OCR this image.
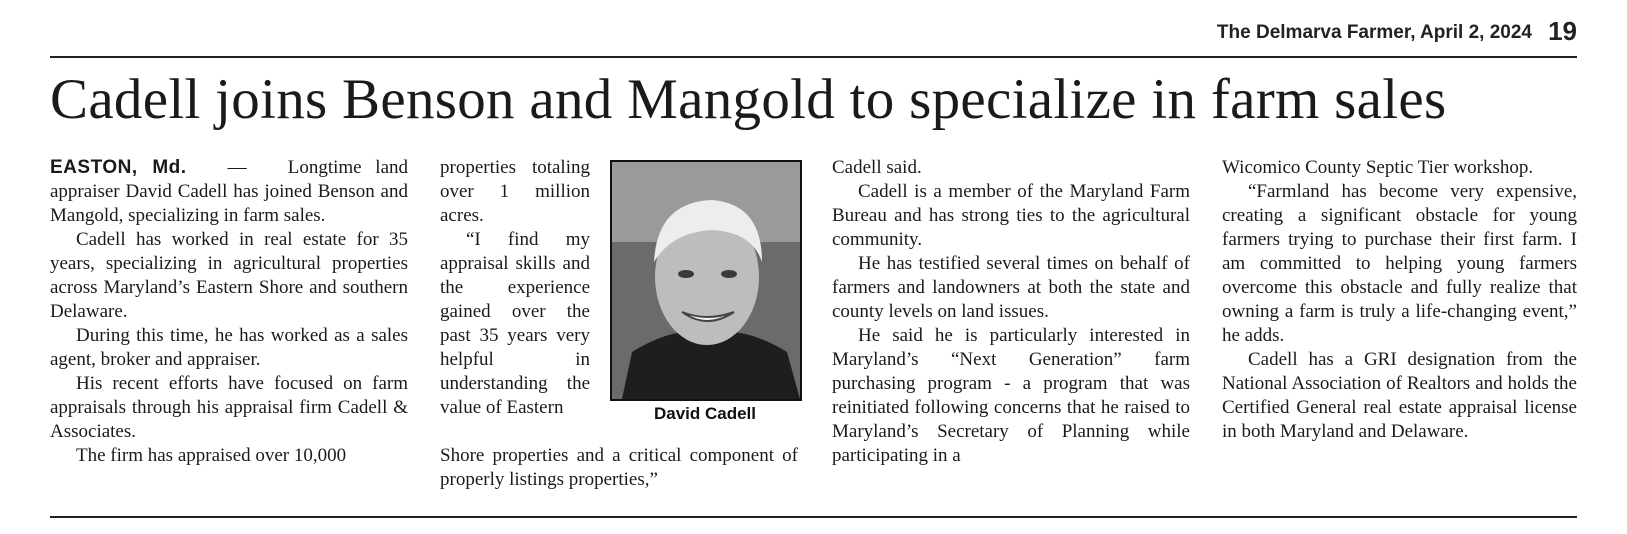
The Delmarva Farmer, April 2, 2024 19
Cadell joins Benson and Mangold to specialize in farm sales

EASTON, Md. — Longtime land appraiser David Cadell has joined Benson and Mangold, specializing in farm sales.

Cadell has worked in real estate for 35 years, specializing in agricultural properties across Maryland’s Eastern Shore and southern Delaware.

During this time, he has worked as a sales agent, broker and appraiser.

His recent efforts have focused on farm appraisals through his appraisal firm Cadell & Associates.

The firm has appraised over 10,000

properties totaling over 1 million acres.

“I find my appraisal skills and the experience gained over the past 35 years very helpful in understanding the value of Eastern	David Cadell

Shore properties and a critical component of properly listings properties,”

Cadell said.

Cadell is a member of the Maryland Farm Bureau and has strong ties to the agricultural community.

He has testified several times on behalf of farmers and landowners at both the state and county levels on land issues.

He said he is particularly interested in Maryland’s “Next Generation” farm purchasing program - a program that was reinitiated following concerns that he raised to Maryland’s Secretary of Planning while participating in a

Wicomico County Septic Tier workshop.

“Farmland has become very expensive, creating a significant obstacle for young farmers trying to purchase their first farm. I am committed to helping young farmers overcome this obstacle and fully realize that owning a farm is truly a life-changing event,” he adds.

Cadell has a GRI designation from the National Association of Realtors and holds the Certified General real estate appraisal license in both Maryland and Delaware.
